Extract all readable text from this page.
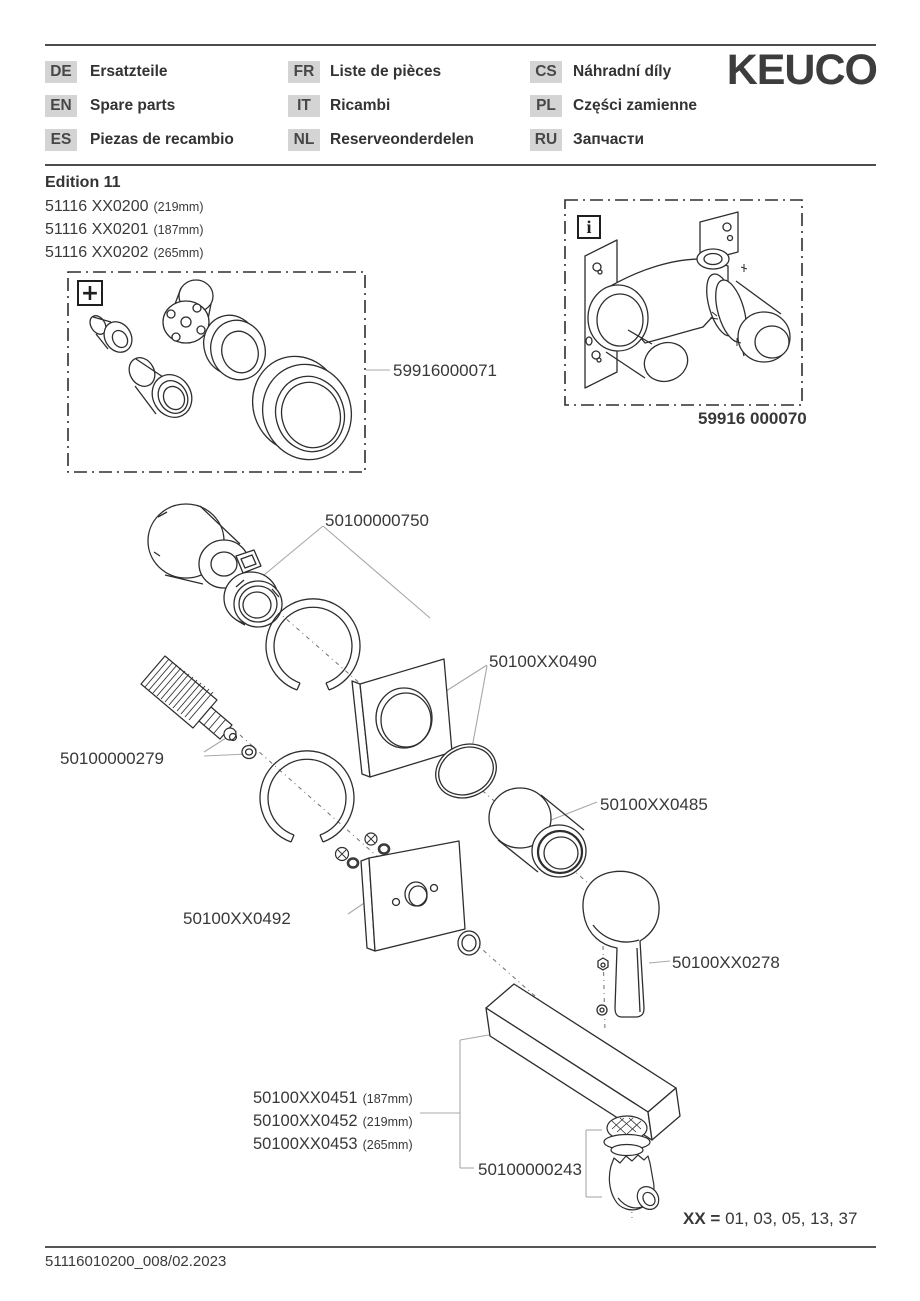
DE	Ersatzteile
EN	Spare parts
ES	Piezas de recambio
FR	Liste de pièces
IT	Ricambi
NL	Reserveonderdelen
CS	Náhradní díly
PL	Części zamienne
RU	Запчасти
KEUCO
Edition 11
51116 XX0200 (219mm)
51116 XX0201 (187mm)
51116 XX0202 (265mm)
+
i
59916000071
59916 000070
50100000750
50100XX0490
50100000279
50100XX0485
50100XX0492
50100XX0278
50100XX0451 (187mm)
50100XX0452 (219mm)
50100XX0453 (265mm)
50100000243
XX = 01, 03, 05, 13, 37
51116010200_008/02.2023
